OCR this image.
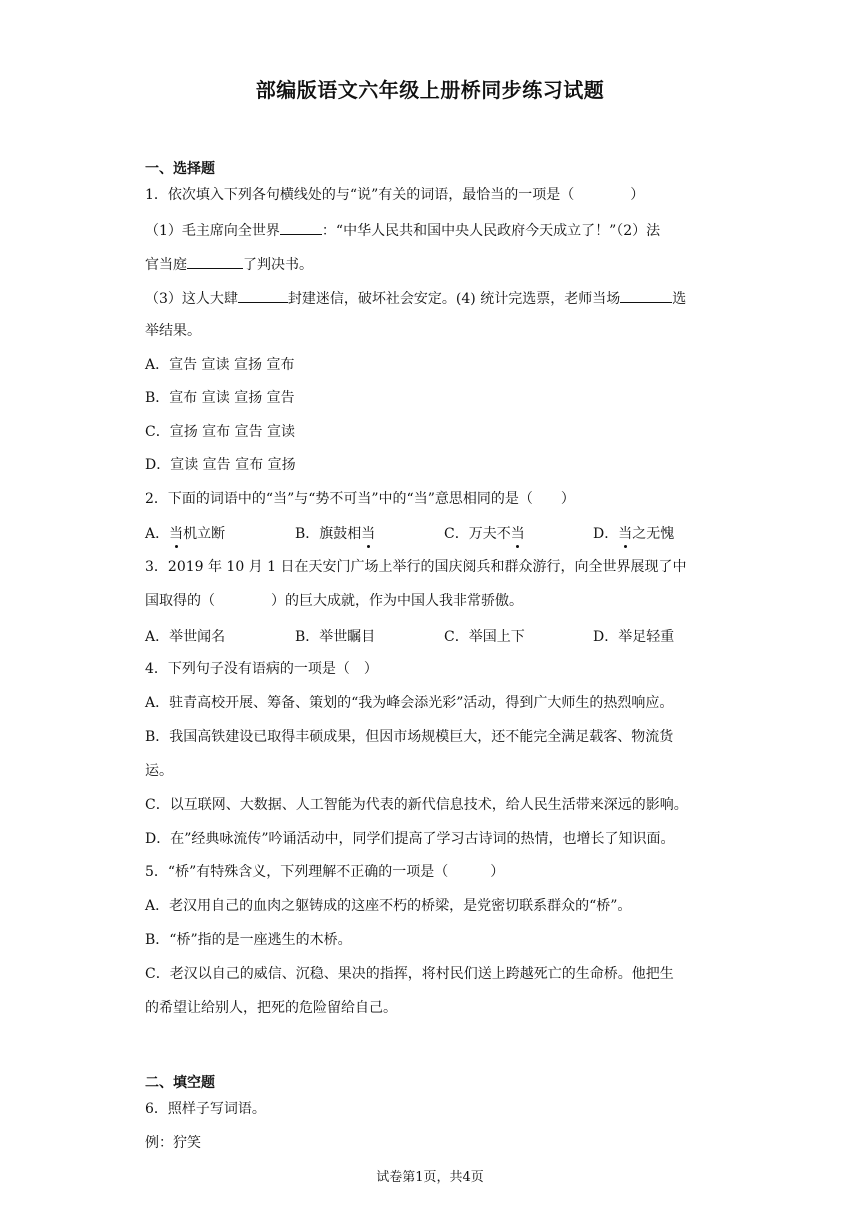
部编版语文六年级上册桥同步练习试题
一、选择题
1．依次填入下列各句横线处的与“说”有关的词语，最恰当的一项是（　　　　）
（1）毛主席向全世界	：“中华人民共和国中央人民政府今天成立了！”（2）法
官当庭	了判决书。
（3）这人大肆	封建迷信，破坏社会安定。(4) 统计完选票，老师当场	选
举结果。
A．宣告 宣读 宣扬 宣布
B．宣布 宣读 宣扬 宣告
C．宣扬 宣布 宣告 宣读
D．宣读 宣告 宣布 宣扬
2．下面的词语中的“当”与“势不可当”中的“当”意思相同的是（　　）
A．当机立断	B．旗鼓相当	C．万夫不当	D．当之无愧
3．2019 年 10 月 1 日在天安门广场上举行的国庆阅兵和群众游行，向全世界展现了中
国取得的（　　　　）的巨大成就，作为中国人我非常骄傲。
A．举世闻名	B．举世瞩目	C．举国上下	D．举足轻重
4．下列句子没有语病的一项是（　）
A．驻青高校开展、筹备、策划的“我为峰会添光彩”活动，得到广大师生的热烈响应。
B．我国高铁建设已取得丰硕成果，但因市场规模巨大，还不能完全满足载客、物流货
运。
C．以互联网、大数据、人工智能为代表的新代信息技术，给人民生活带来深远的影响。
D．在”经典咏流传”吟诵活动中，同学们提高了学习古诗词的热情，也增长了知识面。
5．“桥”有特殊含义，下列理解不正确的一项是（　　　）
A．老汉用自己的血肉之躯铸成的这座不朽的桥梁，是党密切联系群众的“桥”。
B．“桥”指的是一座逃生的木桥。
C．老汉以自己的威信、沉稳、果决的指挥，将村民们送上跨越死亡的生命桥。他把生
的希望让给别人，把死的危险留给自己。
二、填空题
6．照样子写词语。
例：狞笑
试卷第1页，共4页
